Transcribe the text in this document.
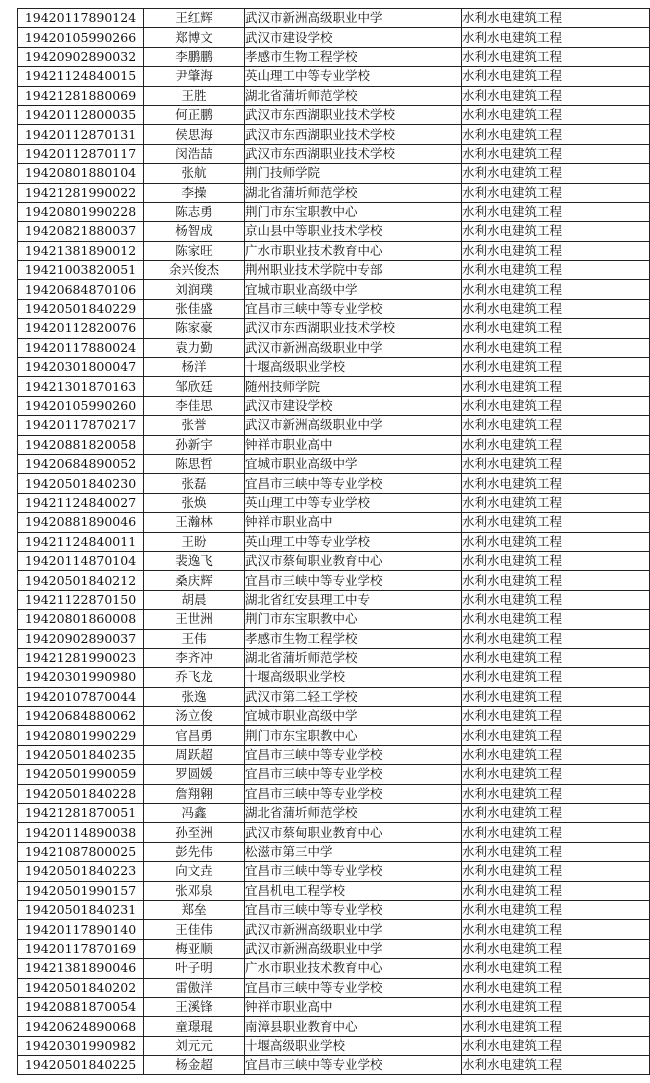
19420117890124	王红辉	武汉市新洲高级职业中学	水利水电建筑工程
19420105990266	郑博文	武汉市建设学校	水利水电建筑工程
19420902890032	李鹏鹏	孝感市生物工程学校	水利水电建筑工程
19421124840015	尹肇海	英山理工中等专业学校	水利水电建筑工程
19421281880069	王胜	湖北省蒲圻师范学校	水利水电建筑工程
19420112800035	何正鹏	武汉市东西湖职业技术学校	水利水电建筑工程
19420112870131	侯思海	武汉市东西湖职业技术学校	水利水电建筑工程
19420112870117	闵浩喆	武汉市东西湖职业技术学校	水利水电建筑工程
19420801880104	张航	荆门技师学院	水利水电建筑工程
19421281990022	李操	湖北省蒲圻师范学校	水利水电建筑工程
19420801990228	陈志勇	荆门市东宝职教中心	水利水电建筑工程
19420821880037	杨智成	京山县中等职业技术学校	水利水电建筑工程
19421381890012	陈家旺	广水市职业技术教育中心	水利水电建筑工程
19421003820051	余兴俊杰	荆州职业技术学院中专部	水利水电建筑工程
19420684870106	刘润璞	宜城市职业高级中学	水利水电建筑工程
19420501840229	张佳盛	宜昌市三峡中等专业学校	水利水电建筑工程
19420112820076	陈家豪	武汉市东西湖职业技术学校	水利水电建筑工程
19420117880024	袁力勤	武汉市新洲高级职业中学	水利水电建筑工程
19420301800047	杨洋	十堰高级职业学校	水利水电建筑工程
19421301870163	邹欣廷	随州技师学院	水利水电建筑工程
19420105990260	李佳思	武汉市建设学校	水利水电建筑工程
19420117870217	张誉	武汉市新洲高级职业中学	水利水电建筑工程
19420881820058	孙新宇	钟祥市职业高中	水利水电建筑工程
19420684890052	陈思哲	宜城市职业高级中学	水利水电建筑工程
19420501840230	张磊	宜昌市三峡中等专业学校	水利水电建筑工程
19421124840027	张焕	英山理工中等专业学校	水利水电建筑工程
19420881890046	王瀚林	钟祥市职业高中	水利水电建筑工程
19421124840011	王盼	英山理工中等专业学校	水利水电建筑工程
19420114870104	裴逸飞	武汉市蔡甸职业教育中心	水利水电建筑工程
19420501840212	桑庆辉	宜昌市三峡中等专业学校	水利水电建筑工程
19421122870150	胡晨	湖北省红安县理工中专	水利水电建筑工程
19420801860008	王世洲	荆门市东宝职教中心	水利水电建筑工程
19420902890037	王伟	孝感市生物工程学校	水利水电建筑工程
19421281990023	李齐冲	湖北省蒲圻师范学校	水利水电建筑工程
19420301990980	乔飞龙	十堰高级职业学校	水利水电建筑工程
19420107870044	张逸	武汉市第二轻工学校	水利水电建筑工程
19420684880062	汤立俊	宜城市职业高级中学	水利水电建筑工程
19420801990229	官昌勇	荆门市东宝职教中心	水利水电建筑工程
19420501840235	周跃超	宜昌市三峡中等专业学校	水利水电建筑工程
19420501990059	罗圆媛	宜昌市三峡中等专业学校	水利水电建筑工程
19420501840228	詹翔翱	宜昌市三峡中等专业学校	水利水电建筑工程
19421281870051	冯鑫	湖北省蒲圻师范学校	水利水电建筑工程
19420114890038	孙至洲	武汉市蔡甸职业教育中心	水利水电建筑工程
19421087800025	彭先伟	松滋市第三中学	水利水电建筑工程
19420501840223	向文垚	宜昌市三峡中等专业学校	水利水电建筑工程
19420501990157	张邓泉	宜昌机电工程学校	水利水电建筑工程
19420501840231	郑垒	宜昌市三峡中等专业学校	水利水电建筑工程
19420117890140	王佳伟	武汉市新洲高级职业中学	水利水电建筑工程
19420117870169	梅亚顺	武汉市新洲高级职业中学	水利水电建筑工程
19421381890046	叶子明	广水市职业技术教育中心	水利水电建筑工程
19420501840202	雷傲洋	宜昌市三峡中等专业学校	水利水电建筑工程
19420881870054	王溪锋	钟祥市职业高中	水利水电建筑工程
19420624890068	童璟琨	南漳县职业教育中心	水利水电建筑工程
19420301990982	刘元元	十堰高级职业学校	水利水电建筑工程
19420501840225	杨金超	宜昌市三峡中等专业学校	水利水电建筑工程
